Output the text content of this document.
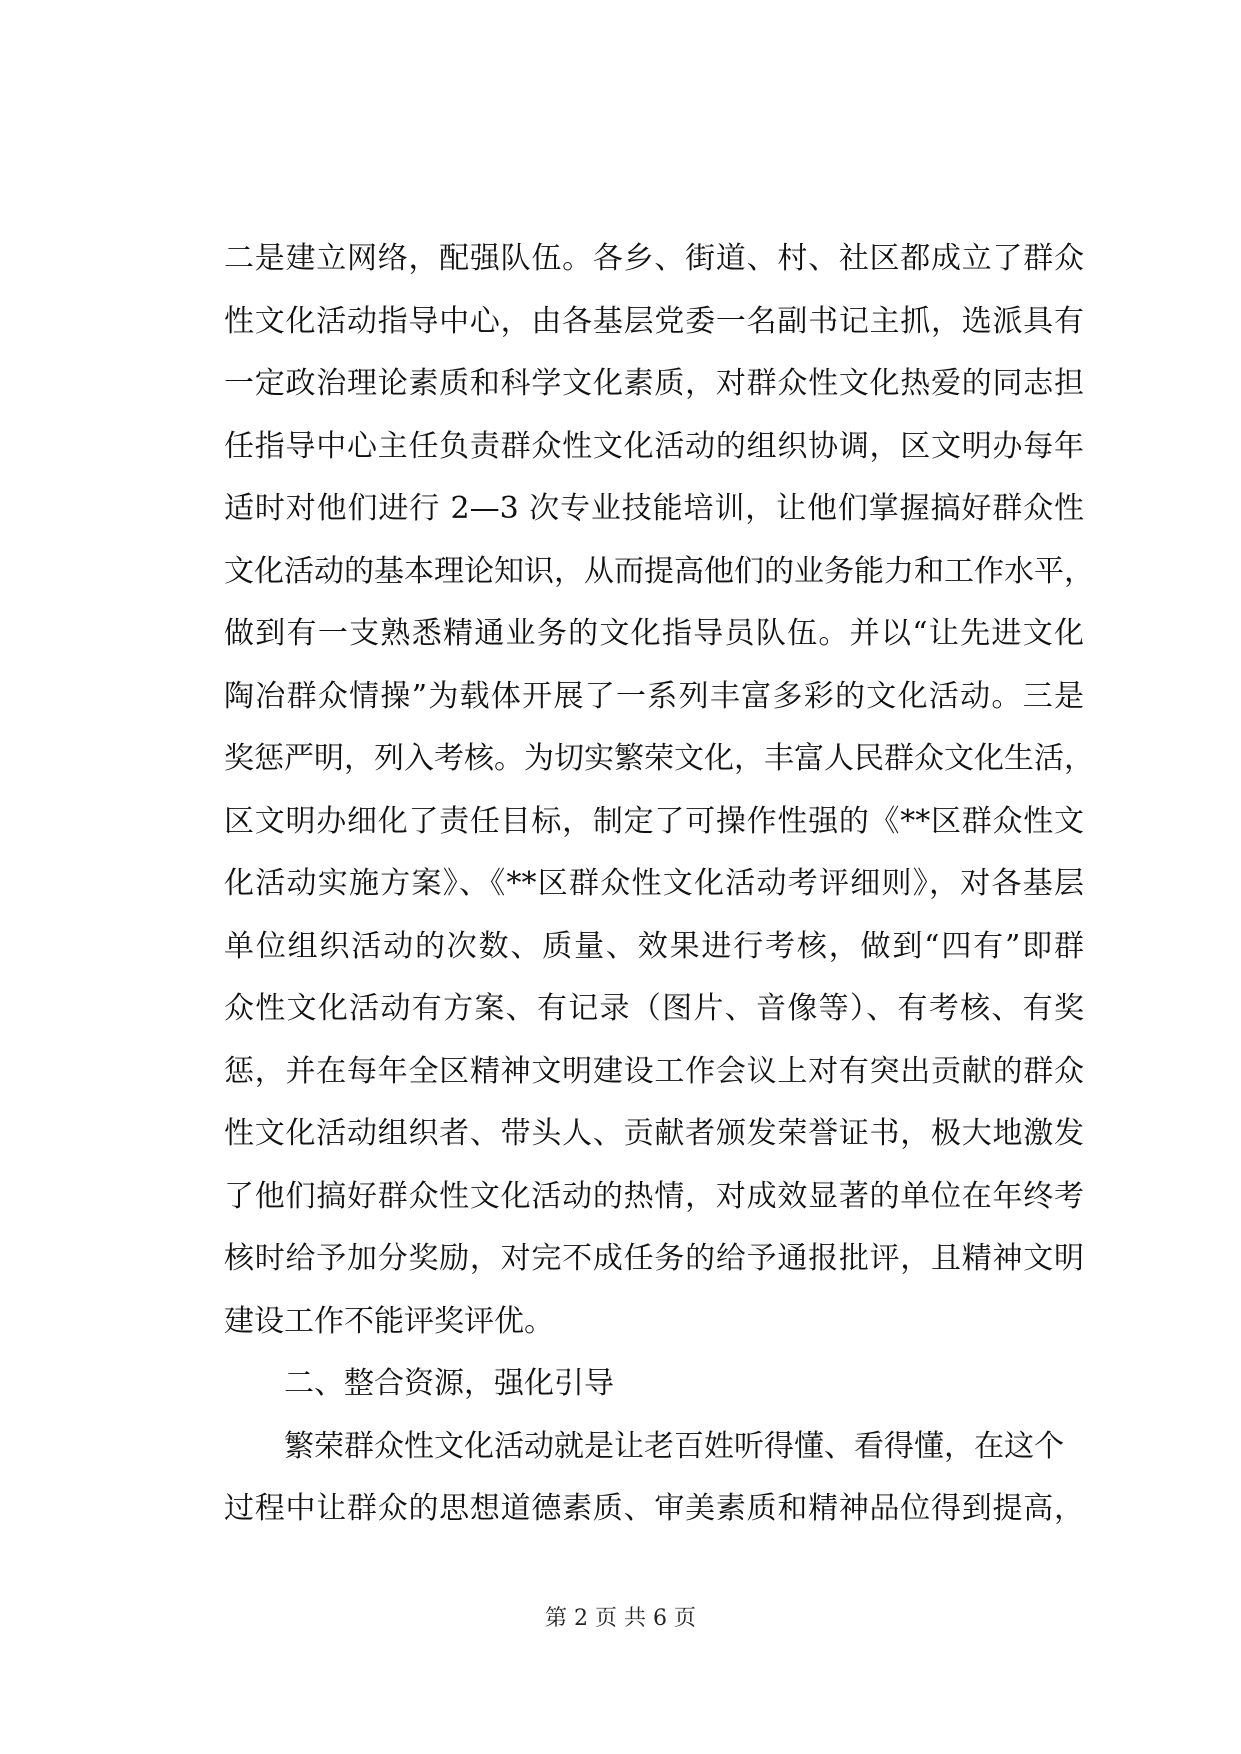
二是建立网络，配强队伍。各乡、街道、村、社区都成立了群众
性文化活动指导中心，由各基层党委一名副书记主抓，选派具有
一定政治理论素质和科学文化素质，对群众性文化热爱的同志担
任指导中心主任负责群众性文化活动的组织协调，区文明办每年
适时对他们进行 2—3 次专业技能培训，让他们掌握搞好群众性
文化活动的基本理论知识，从而提高他们的业务能力和工作水平，
做到有一支熟悉精通业务的文化指导员队伍。并以“让先进文化
陶冶群众情操”为载体开展了一系列丰富多彩的文化活动。三是
奖惩严明，列入考核。为切实繁荣文化，丰富人民群众文化生活，
区文明办细化了责任目标，制定了可操作性强的《**区群众性文
化活动实施方案》、《**区群众性文化活动考评细则》，对各基层
单位组织活动的次数、质量、效果进行考核，做到“四有”即群
众性文化活动有方案、有记录（图片、音像等）、有考核、有奖
惩，并在每年全区精神文明建设工作会议上对有突出贡献的群众
性文化活动组织者、带头人、贡献者颁发荣誉证书，极大地激发
了他们搞好群众性文化活动的热情，对成效显著的单位在年终考
核时给予加分奖励，对完不成任务的给予通报批评，且精神文明
建设工作不能评奖评优。
二、整合资源，强化引导
繁荣群众性文化活动就是让老百姓听得懂、看得懂，在这个
过程中让群众的思想道德素质、审美素质和精神品位得到提高，
第 2 页 共 6 页
